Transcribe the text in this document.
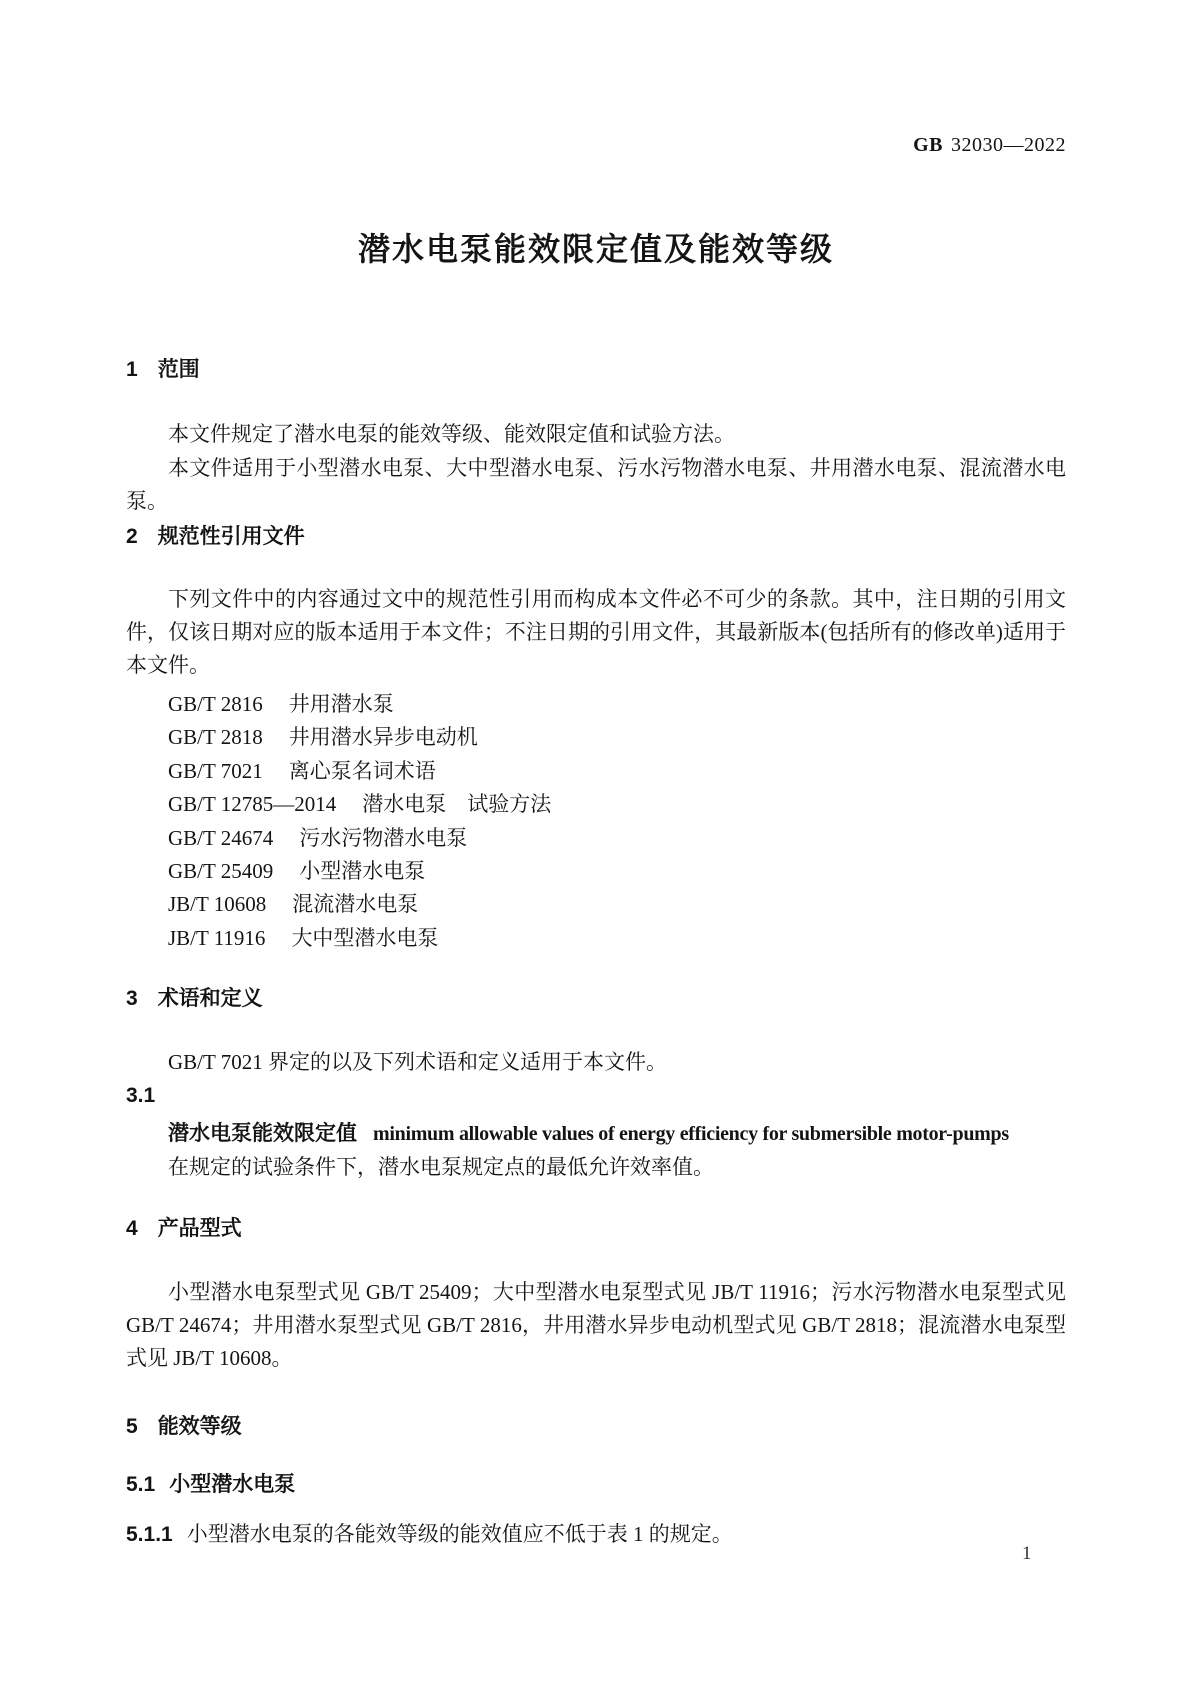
GB 32030—2022
潜水电泵能效限定值及能效等级
1 范围
本文件规定了潜水电泵的能效等级、能效限定值和试验方法。
本文件适用于小型潜水电泵、大中型潜水电泵、污水污物潜水电泵、井用潜水电泵、混流潜水电泵。
2 规范性引用文件
下列文件中的内容通过文中的规范性引用而构成本文件必不可少的条款。其中，注日期的引用文件，仅该日期对应的版本适用于本文件；不注日期的引用文件，其最新版本(包括所有的修改单)适用于本文件。
GB/T 2816 井用潜水泵
GB/T 2818 井用潜水异步电动机
GB/T 7021 离心泵名词术语
GB/T 12785—2014 潜水电泵　试验方法
GB/T 24674 污水污物潜水电泵
GB/T 25409 小型潜水电泵
JB/T 10608 混流潜水电泵
JB/T 11916 大中型潜水电泵
3 术语和定义
GB/T 7021 界定的以及下列术语和定义适用于本文件。
3.1
潜水电泵能效限定值 minimum allowable values of energy efficiency for submersible motor-pumps
在规定的试验条件下，潜水电泵规定点的最低允许效率值。
4 产品型式
小型潜水电泵型式见 GB/T 25409；大中型潜水电泵型式见 JB/T 11916；污水污物潜水电泵型式见 GB/T 24674；井用潜水泵型式见 GB/T 2816，井用潜水异步电动机型式见 GB/T 2818；混流潜水电泵型式见 JB/T 10608。
5 能效等级
5.1 小型潜水电泵
5.1.1 小型潜水电泵的各能效等级的能效值应不低于表 1 的规定。
1
